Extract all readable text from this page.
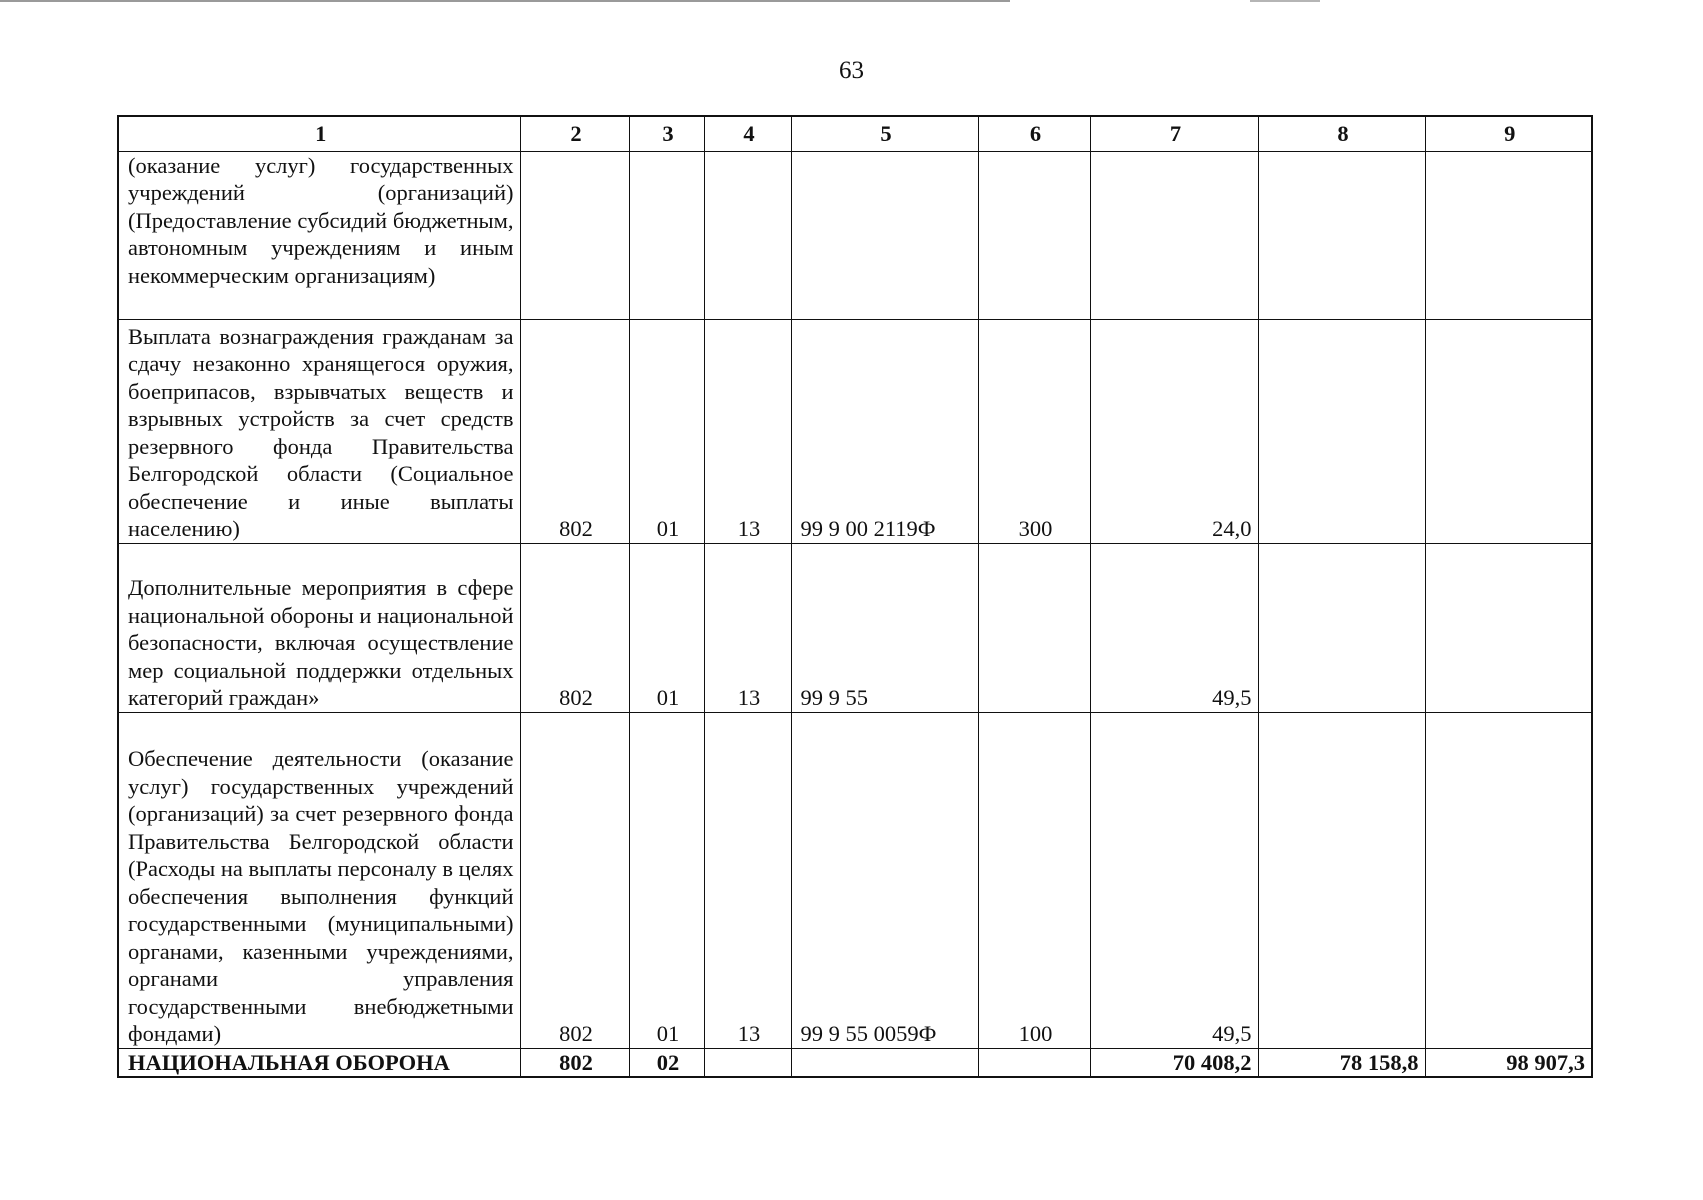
63
1	2	3	4	5	6	7	8	9
(оказание услуг) государственных учреждений (организаций) (Предоставление субсидий бюджетным, автономным учреждениям и иным некоммерческим организациям)								
Выплата вознаграждения гражданам за сдачу незаконно хранящегося оружия, боеприпасов, взрывчатых веществ и взрывных устройств за счет средств резервного фонда Правительства Белгородской области (Социальное обеспечение и иные выплаты населению)	802	01	13	99 9 00 2119Ф	300	24,0		
Дополнительные мероприятия в сфере национальной обороны и национальной безопасности, включая осуществление мер социальной поддержки отдельных категорий граждан»	802	01	13	99 9 55		49,5		
Обеспечение деятельности (оказание услуг) государственных учреждений (организаций) за счет резервного фонда Правительства Белгородской области (Расходы на выплаты персоналу в целях обеспечения выполнения функций государственными (муниципальными) органами, казенными учреждениями, органами управления государственными внебюджетными фондами)	802	01	13	99 9 55 0059Ф	100	49,5		
НАЦИОНАЛЬНАЯ ОБОРОНА	802	02				70 408,2	78 158,8	98 907,3
